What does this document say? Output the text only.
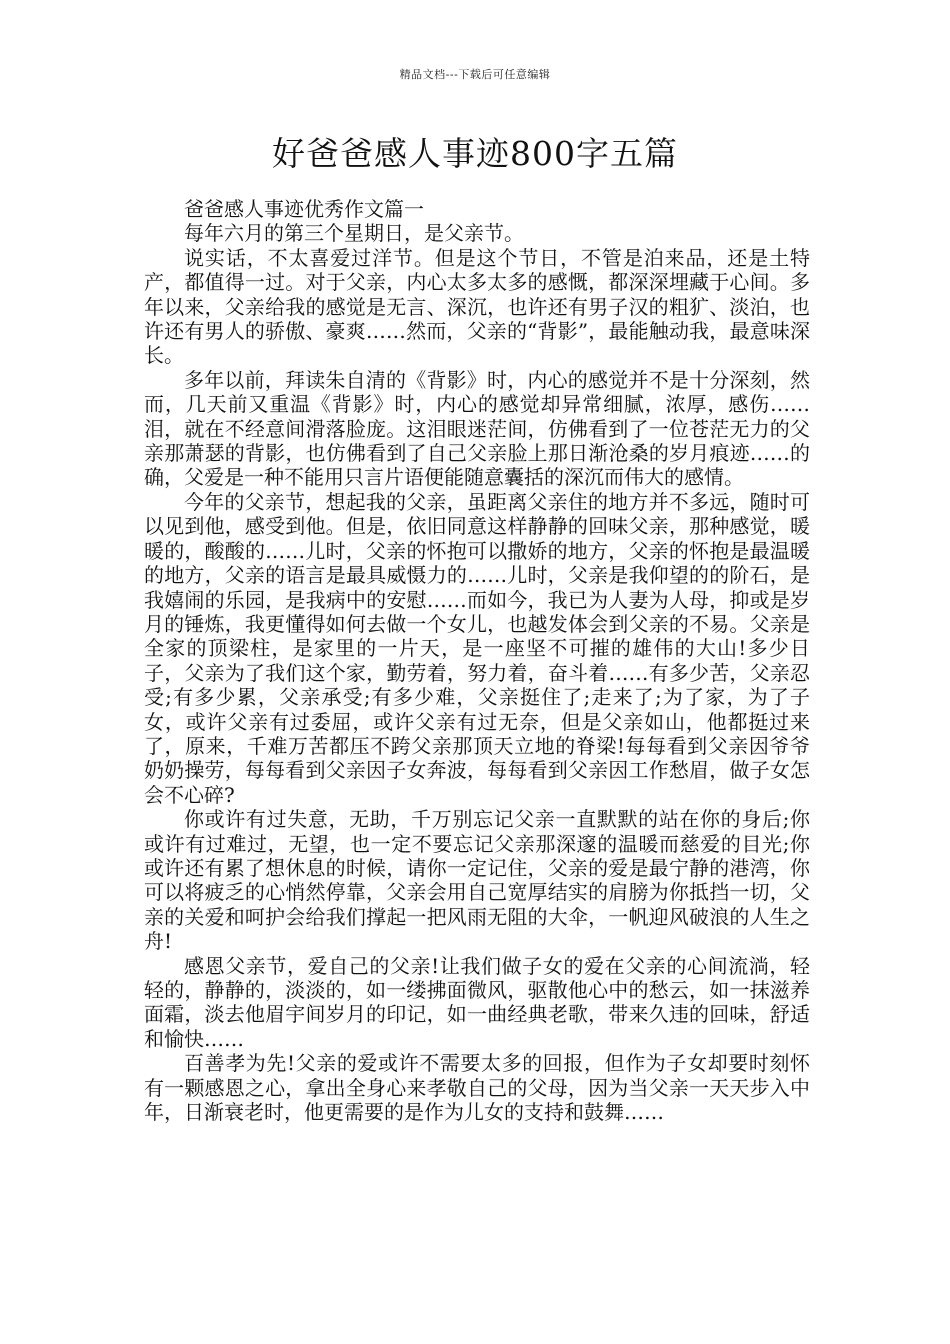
精品文档---下载后可任意编辑
好爸爸感人事迹800字五篇

爸爸感人事迹优秀作文篇一

每年六月的第三个星期日，是父亲节。

说实话，不太喜爱过洋节。但是这个节日，不管是泊来品，还是土特产，都值得一过。对于父亲，内心太多太多的感慨，都深深埋藏于心间。多年以来，父亲给我的感觉是无言、深沉，也许还有男子汉的粗犷、淡泊，也许还有男人的骄傲、豪爽……然而，父亲的“背影”，最能触动我，最意味深长。

多年以前，拜读朱自清的《背影》时，内心的感觉并不是十分深刻，然而，几天前又重温《背影》时，内心的感觉却异常细腻，浓厚，感伤……泪，就在不经意间滑落脸庞。这泪眼迷茫间，仿佛看到了一位苍茫无力的父亲那萧瑟的背影，也仿佛看到了自己父亲脸上那日渐沧桑的岁月痕迹……的确，父爱是一种不能用只言片语便能随意囊括的深沉而伟大的感情。

今年的父亲节，想起我的父亲，虽距离父亲住的地方并不多远，随时可以见到他，感受到他。但是，依旧同意这样静静的回味父亲，那种感觉，暖暖的，酸酸的……儿时，父亲的怀抱可以撒娇的地方，父亲的怀抱是最温暖的地方，父亲的语言是最具威慑力的……儿时，父亲是我仰望的的阶石，是我嬉闹的乐园，是我病中的安慰……而如今，我已为人妻为人母，抑或是岁月的锤炼，我更懂得如何去做一个女儿，也越发体会到父亲的不易。父亲是全家的顶梁柱，是家里的一片天，是一座坚不可摧的雄伟的大山!多少日子，父亲为了我们这个家，勤劳着，努力着，奋斗着……有多少苦，父亲忍受;有多少累，父亲承受;有多少难，父亲挺住了;走来了;为了家，为了子女，或许父亲有过委屈，或许父亲有过无奈，但是父亲如山，他都挺过来了，原来，千难万苦都压不跨父亲那顶天立地的脊梁!每每看到父亲因爷爷奶奶操劳，每每看到父亲因子女奔波，每每看到父亲因工作愁眉，做子女怎会不心碎?

你或许有过失意，无助，千万别忘记父亲一直默默的站在你的身后;你或许有过难过，无望，也一定不要忘记父亲那深邃的温暖而慈爱的目光;你或许还有累了想休息的时候，请你一定记住，父亲的爱是最宁静的港湾，你可以将疲乏的心悄然停靠，父亲会用自己宽厚结实的肩膀为你抵挡一切，父亲的关爱和呵护会给我们撑起一把风雨无阻的大伞，一帆迎风破浪的人生之舟!

感恩父亲节，爱自己的父亲!让我们做子女的爱在父亲的心间流淌，轻轻的，静静的，淡淡的，如一缕拂面微风，驱散他心中的愁云，如一抹滋养面霜，淡去他眉宇间岁月的印记，如一曲经典老歌，带来久违的回味，舒适和愉快……

百善孝为先!父亲的爱或许不需要太多的回报，但作为子女却要时刻怀有一颗感恩之心，拿出全身心来孝敬自己的父母，因为当父亲一天天步入中年，日渐衰老时，他更需要的是作为儿女的支持和鼓舞……
